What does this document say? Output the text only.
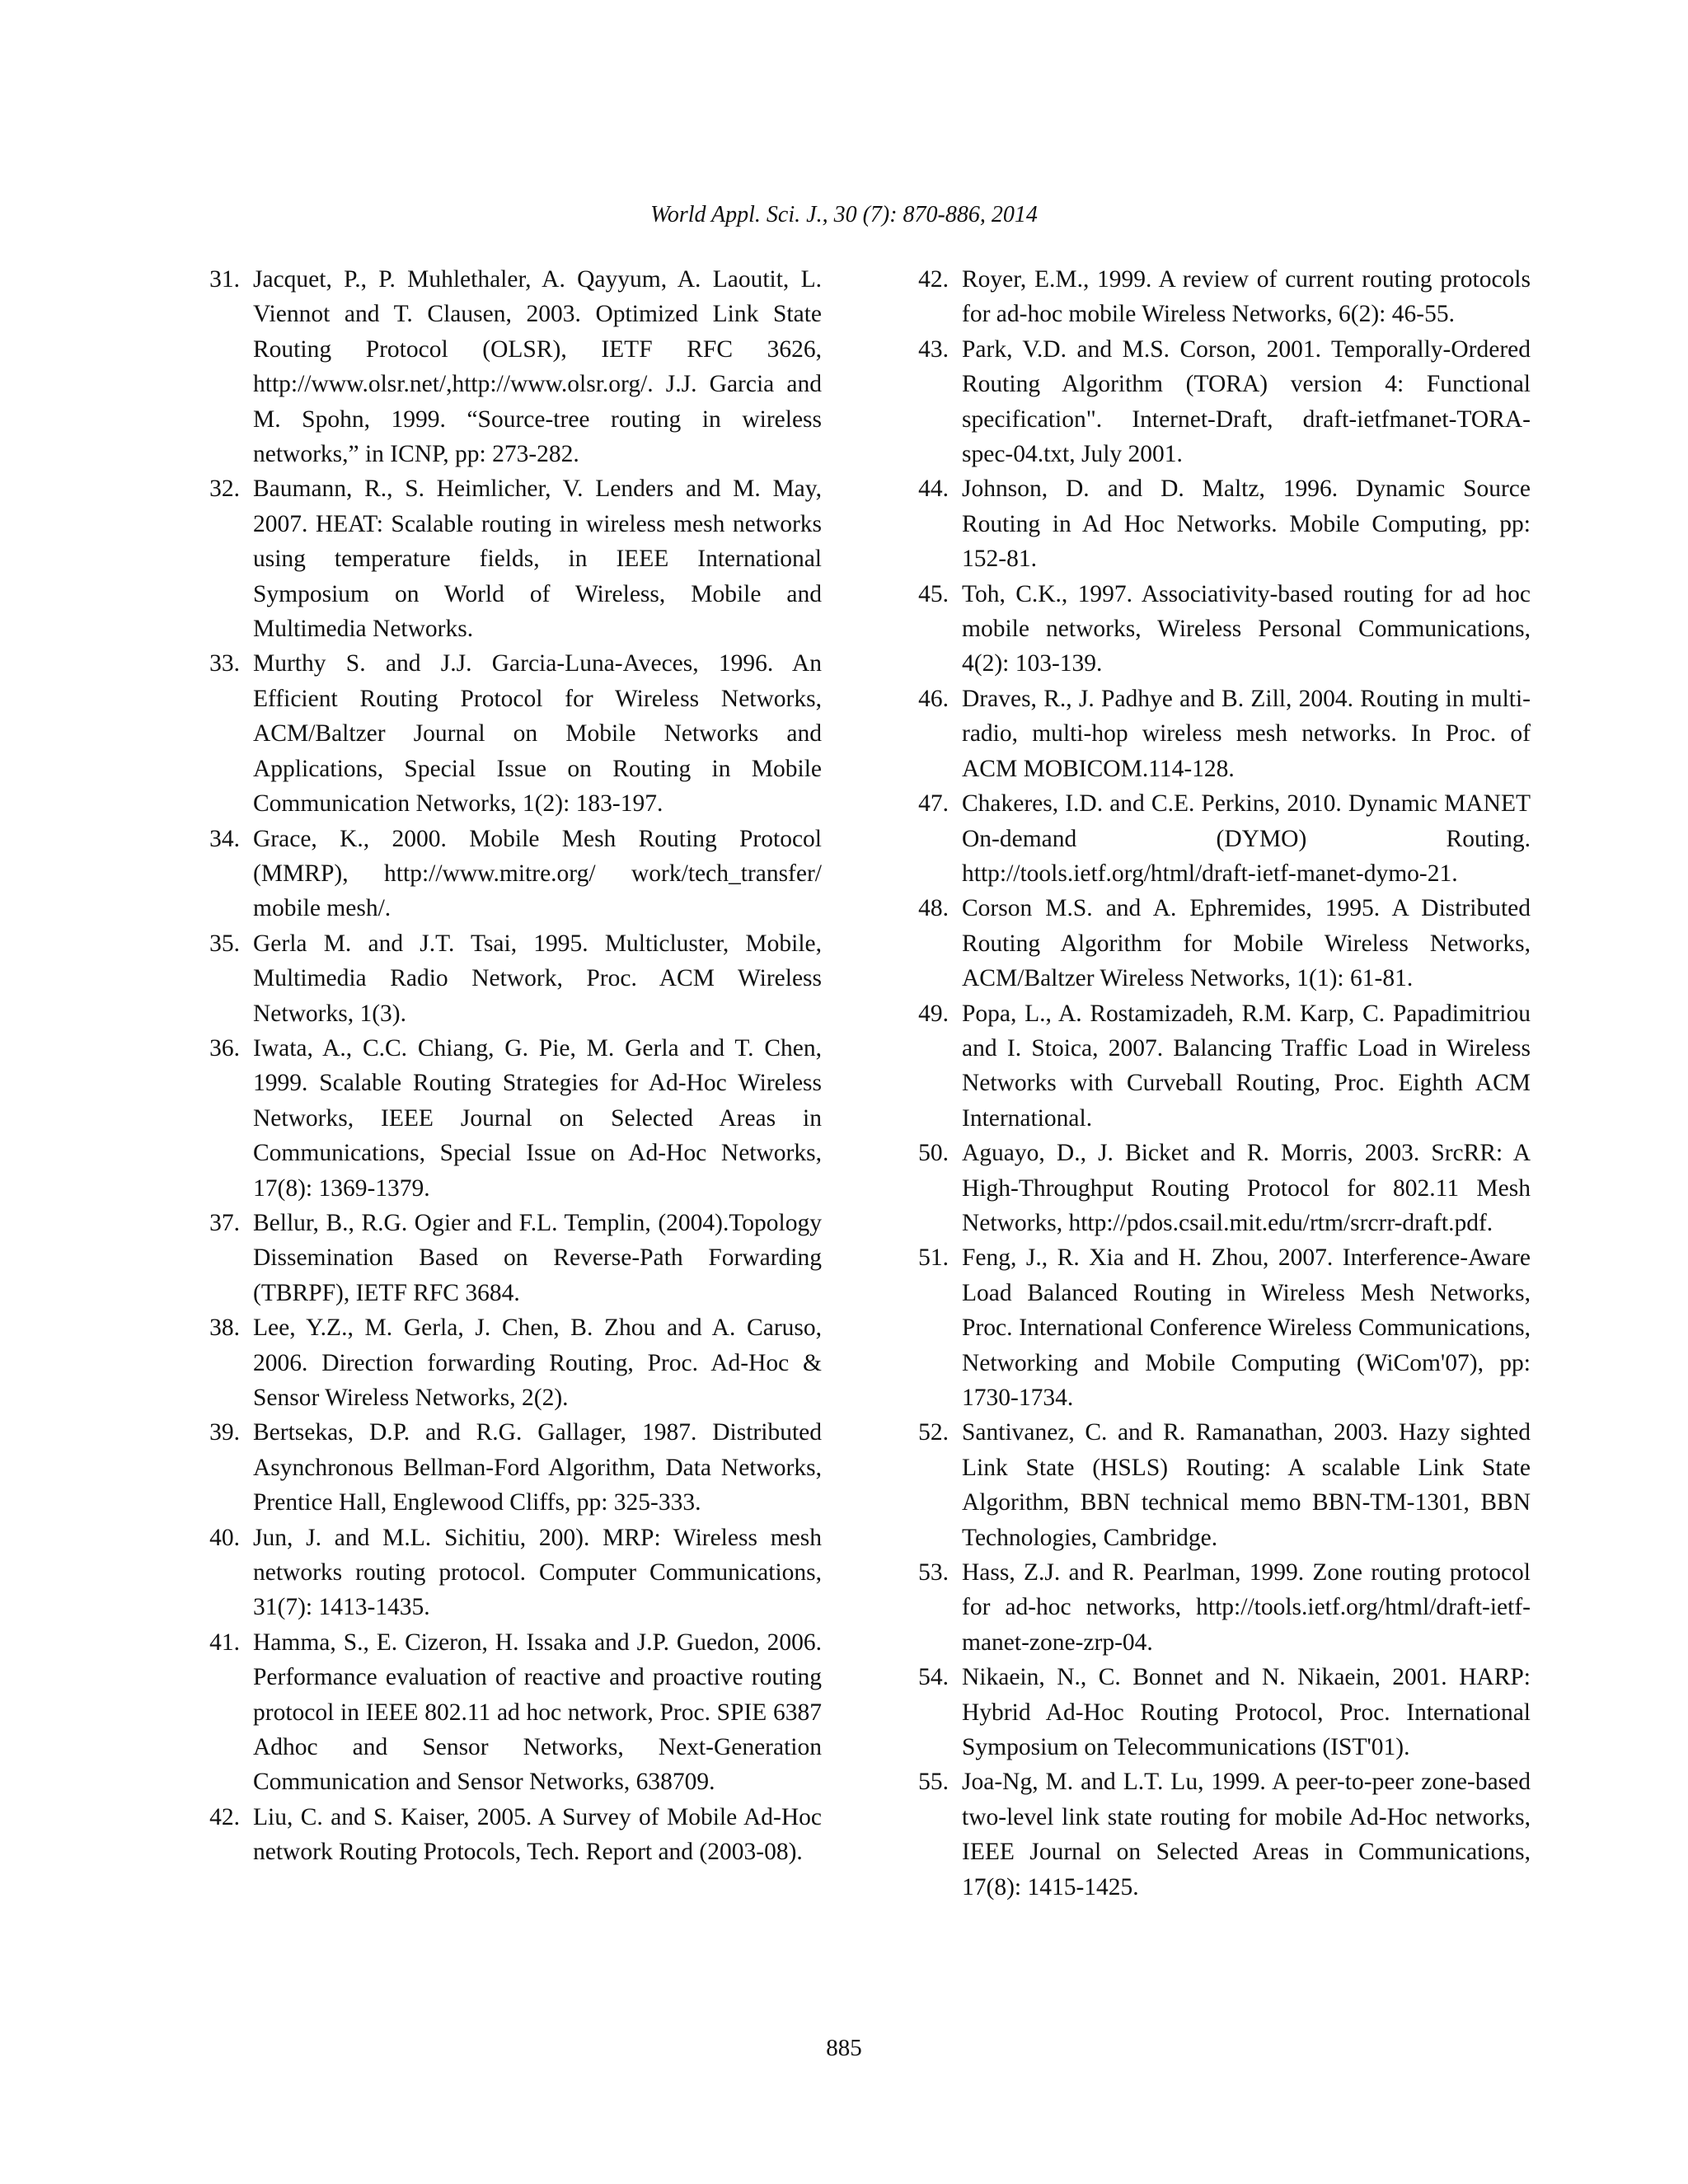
World Appl. Sci. J., 30 (7): 870-886, 2014
31. Jacquet, P., P. Muhlethaler, A. Qayyum, A. Laoutit, L. Viennot and T. Clausen, 2003. Optimized Link State Routing Protocol (OLSR), IETF RFC 3626, http://www.olsr.net/,http://www.olsr.org/. J.J. Garcia and M. Spohn, 1999. “Source-tree routing in wireless networks,” in ICNP, pp: 273-282.
32. Baumann, R., S. Heimlicher, V. Lenders and M. May, 2007. HEAT: Scalable routing in wireless mesh networks using temperature fields, in IEEE International Symposium on World of Wireless, Mobile and Multimedia Networks.
33. Murthy S. and J.J. Garcia-Luna-Aveces, 1996. An Efficient Routing Protocol for Wireless Networks, ACM/Baltzer Journal on Mobile Networks and Applications, Special Issue on Routing in Mobile Communication Networks, 1(2): 183-197.
34. Grace, K., 2000. Mobile Mesh Routing Protocol (MMRP), http://www.mitre.org/ work/tech_transfer/ mobile mesh/.
35. Gerla M. and J.T. Tsai, 1995. Multicluster, Mobile, Multimedia Radio Network, Proc. ACM Wireless Networks, 1(3).
36. Iwata, A., C.C. Chiang, G. Pie, M. Gerla and T. Chen, 1999. Scalable Routing Strategies for Ad-Hoc Wireless Networks, IEEE Journal on Selected Areas in Communications, Special Issue on Ad-Hoc Networks, 17(8): 1369-1379.
37. Bellur, B., R.G. Ogier and F.L. Templin, (2004).Topology Dissemination Based on Reverse-Path Forwarding (TBRPF), IETF RFC 3684.
38. Lee, Y.Z., M. Gerla, J. Chen, B. Zhou and A. Caruso, 2006. Direction forwarding Routing, Proc. Ad-Hoc & Sensor Wireless Networks, 2(2).
39. Bertsekas, D.P. and R.G. Gallager, 1987. Distributed Asynchronous Bellman-Ford Algorithm, Data Networks, Prentice Hall, Englewood Cliffs, pp: 325-333.
40. Jun, J. and M.L. Sichitiu, 200). MRP: Wireless mesh networks routing protocol. Computer Communications, 31(7): 1413-1435.
41. Hamma, S., E. Cizeron, H. Issaka and J.P. Guedon, 2006. Performance evaluation of reactive and proactive routing protocol in IEEE 802.11 ad hoc network, Proc. SPIE 6387 Adhoc and Sensor Networks, Next-Generation Communication and Sensor Networks, 638709.
42. Liu, C. and S. Kaiser, 2005. A Survey of Mobile Ad-Hoc network Routing Protocols, Tech. Report and (2003-08).
42. Royer, E.M., 1999. A review of current routing protocols for ad-hoc mobile Wireless Networks, 6(2): 46-55.
43. Park, V.D. and M.S. Corson, 2001. Temporally-Ordered Routing Algorithm (TORA) version 4: Functional specification". Internet-Draft, draft-ietfmanet-TORA-spec-04.txt, July 2001.
44. Johnson, D. and D. Maltz, 1996. Dynamic Source Routing in Ad Hoc Networks. Mobile Computing, pp: 152-81.
45. Toh, C.K., 1997. Associativity-based routing for ad hoc mobile networks, Wireless Personal Communications, 4(2): 103-139.
46. Draves, R., J. Padhye and B. Zill, 2004. Routing in multi-radio, multi-hop wireless mesh networks. In Proc. of ACM MOBICOM.114-128.
47. Chakeres, I.D. and C.E. Perkins, 2010. Dynamic MANET On-demand (DYMO) Routing. http://tools.ietf.org/html/draft-ietf-manet-dymo-21.
48. Corson M.S. and A. Ephremides, 1995. A Distributed Routing Algorithm for Mobile Wireless Networks, ACM/Baltzer Wireless Networks, 1(1): 61-81.
49. Popa, L., A. Rostamizadeh, R.M. Karp, C. Papadimitriou and I. Stoica, 2007. Balancing Traffic Load in Wireless Networks with Curveball Routing, Proc. Eighth ACM International.
50. Aguayo, D., J. Bicket and R. Morris, 2003. SrcRR: A High-Throughput Routing Protocol for 802.11 Mesh Networks, http://pdos.csail.mit.edu/rtm/srcrr-draft.pdf.
51. Feng, J., R. Xia and H. Zhou, 2007. Interference-Aware Load Balanced Routing in Wireless Mesh Networks, Proc. International Conference Wireless Communications, Networking and Mobile Computing (WiCom'07), pp: 1730-1734.
52. Santivanez, C. and R. Ramanathan, 2003. Hazy sighted Link State (HSLS) Routing: A scalable Link State Algorithm, BBN technical memo BBN-TM-1301, BBN Technologies, Cambridge.
53. Hass, Z.J. and R. Pearlman, 1999. Zone routing protocol for ad-hoc networks, http://tools.ietf.org/html/draft-ietf-manet-zone-zrp-04.
54. Nikaein, N., C. Bonnet and N. Nikaein, 2001. HARP: Hybrid Ad-Hoc Routing Protocol, Proc. International Symposium on Telecommunications (IST'01).
55. Joa-Ng, M. and L.T. Lu, 1999. A peer-to-peer zone-based two-level link state routing for mobile Ad-Hoc networks, IEEE Journal on Selected Areas in Communications, 17(8): 1415-1425.
885
